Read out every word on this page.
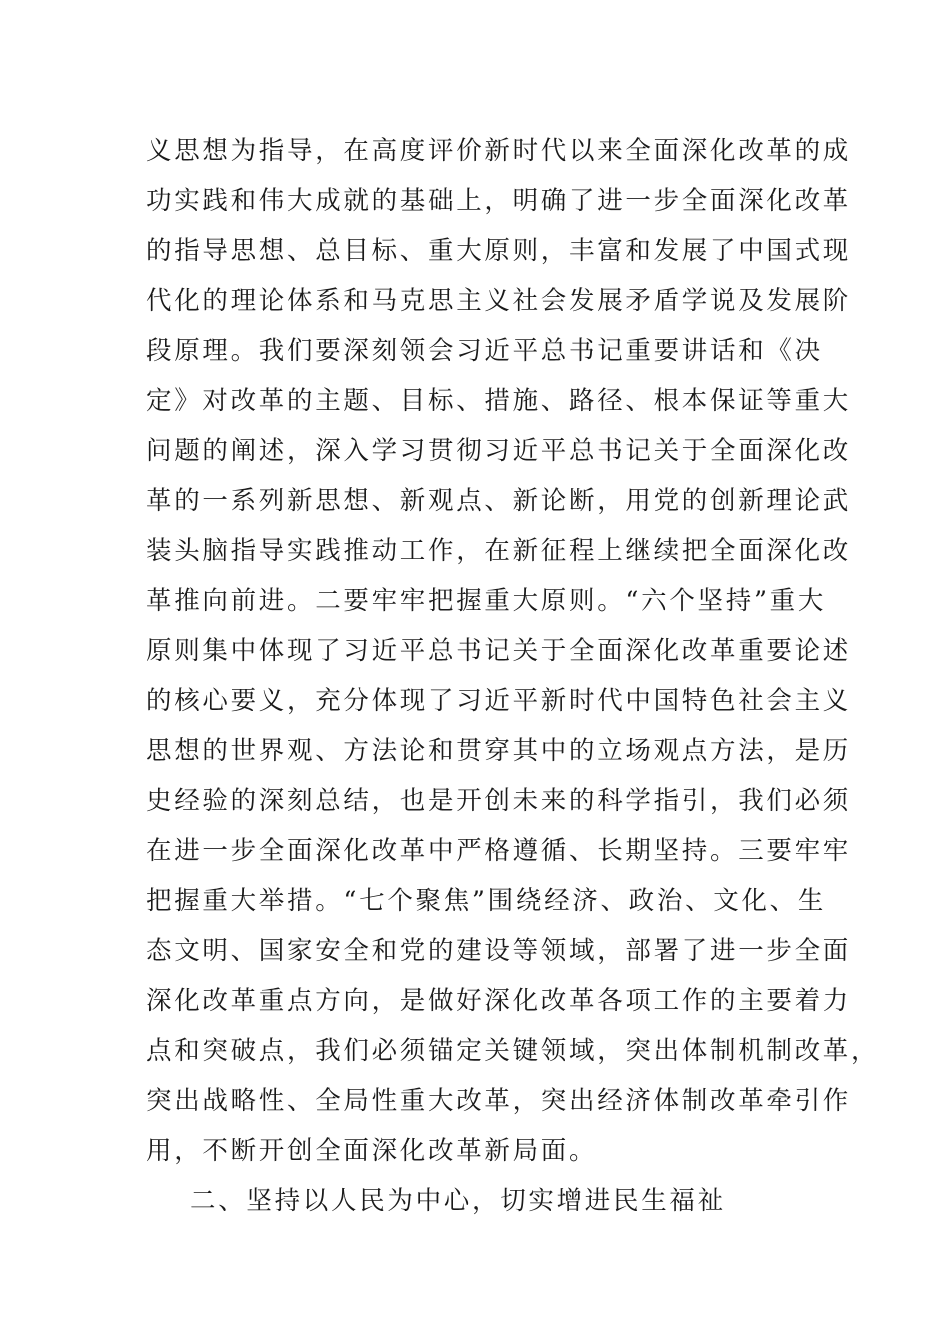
义思想为指导，在高度评价新时代以来全面深化改革的成
功实践和伟大成就的基础上，明确了进一步全面深化改革
的指导思想、总目标、重大原则，丰富和发展了中国式现
代化的理论体系和马克思主义社会发展矛盾学说及发展阶
段原理。我们要深刻领会习近平总书记重要讲话和《决
定》对改革的主题、目标、措施、路径、根本保证等重大
问题的阐述，深入学习贯彻习近平总书记关于全面深化改
革的一系列新思想、新观点、新论断，用党的创新理论武
装头脑指导实践推动工作，在新征程上继续把全面深化改
革推向前进。二要牢牢把握重大原则。“六个坚持”重大
原则集中体现了习近平总书记关于全面深化改革重要论述
的核心要义，充分体现了习近平新时代中国特色社会主义
思想的世界观、方法论和贯穿其中的立场观点方法，是历
史经验的深刻总结，也是开创未来的科学指引，我们必须
在进一步全面深化改革中严格遵循、长期坚持。三要牢牢
把握重大举措。“七个聚焦”围绕经济、政治、文化、生
态文明、国家安全和党的建设等领域，部署了进一步全面
深化改革重点方向，是做好深化改革各项工作的主要着力
点和突破点，我们必须锚定关键领域，突出体制机制改革，
突出战略性、全局性重大改革，突出经济体制改革牵引作
用，不断开创全面深化改革新局面。
二、坚持以人民为中心，切实增进民生福祉
